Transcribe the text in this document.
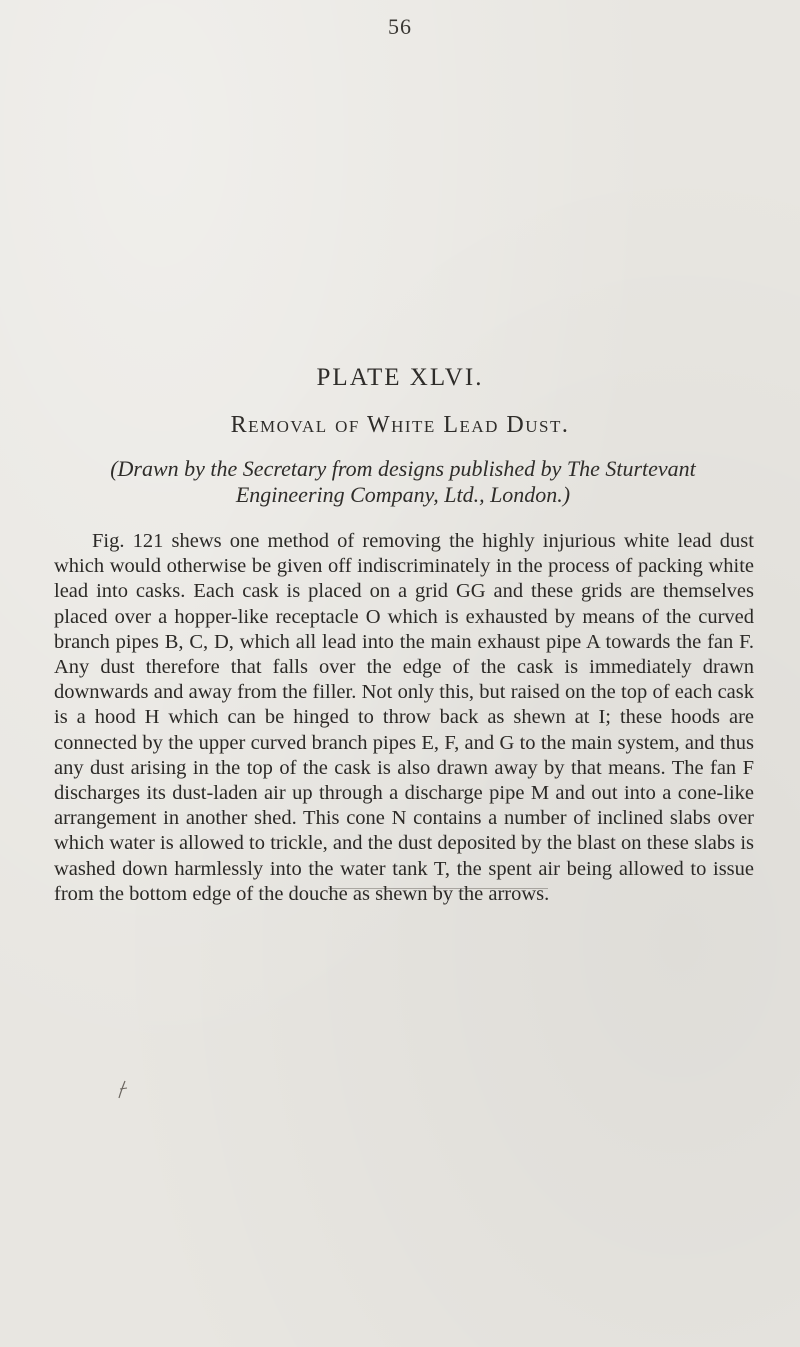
56
PLATE XLVI.
Removal of White Lead Dust.
(Drawn by the Secretary from designs published by The Sturtevant Engineering Company, Ltd., London.)

Fig. 121 shews one method of removing the highly injurious white lead dust which would otherwise be given off indiscriminately in the process of packing white lead into casks. Each cask is placed on a grid GG and these grids are themselves placed over a hopper-like receptacle O which is exhausted by means of the curved branch pipes B, C, D, which all lead into the main exhaust pipe A towards the fan F. Any dust therefore that falls over the edge of the cask is immediately drawn downwards and away from the filler. Not only this, but raised on the top of each cask is a hood H which can be hinged to throw back as shewn at I; these hoods are connected by the upper curved branch pipes E, F, and G to the main system, and thus any dust arising in the top of the cask is also drawn away by that means. The fan F discharges its dust-laden air up through a discharge pipe M and out into a cone-like arrangement in another shed. This cone N contains a number of inclined slabs over which water is allowed to trickle, and the dust deposited by the blast on these slabs is washed down harmlessly into the water tank T, the spent air being allowed to issue from the bottom edge of the douche as shewn by the arrows.
